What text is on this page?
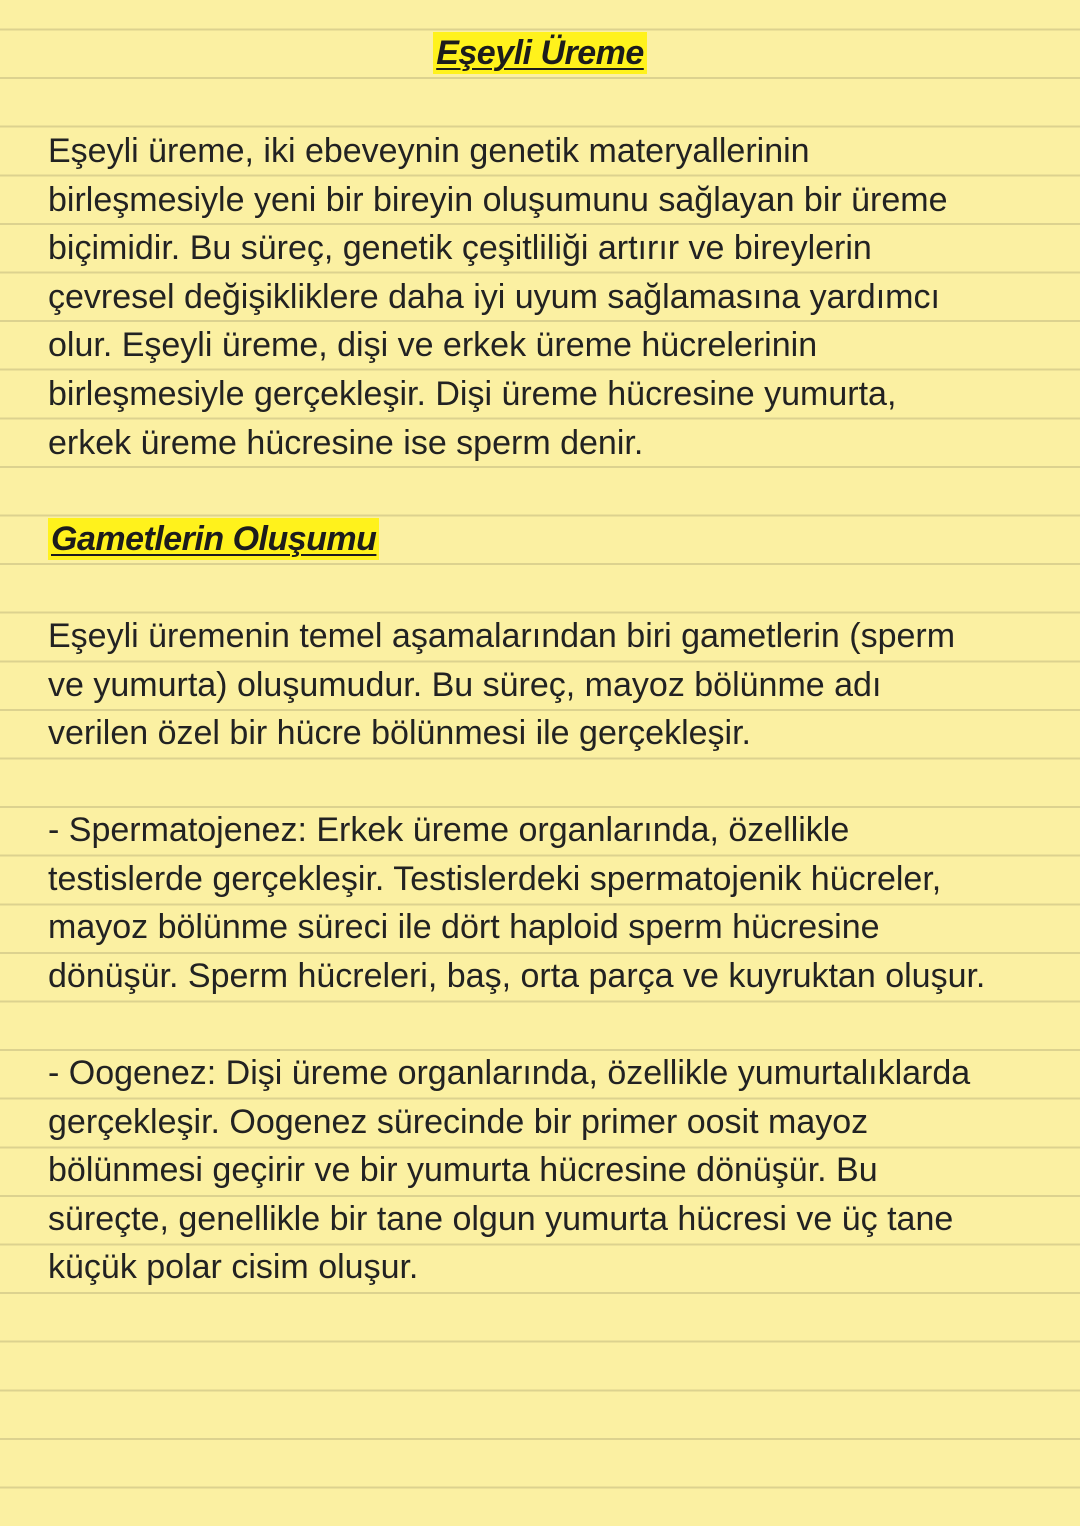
Eşeyli Üreme

Eşeyli üreme, iki ebeveynin genetik materyallerinin
birleşmesiyle yeni bir bireyin oluşumunu sağlayan bir üreme
biçimidir. Bu süreç, genetik çeşitliliği artırır ve bireylerin
çevresel değişikliklere daha iyi uyum sağlamasına yardımcı
olur. Eşeyli üreme, dişi ve erkek üreme hücrelerinin
birleşmesiyle gerçekleşir. Dişi üreme hücresine yumurta,
erkek üreme hücresine ise sperm denir.

Gametlerin Oluşumu

Eşeyli üremenin temel aşamalarından biri gametlerin (sperm
ve yumurta) oluşumudur. Bu süreç, mayoz bölünme adı
verilen özel bir hücre bölünmesi ile gerçekleşir.

- Spermatojenez: Erkek üreme organlarında, özellikle
testislerde gerçekleşir. Testislerdeki spermatojenik hücreler,
mayoz bölünme süreci ile dört haploid sperm hücresine
dönüşür. Sperm hücreleri, baş, orta parça ve kuyruktan oluşur.

- Oogenez: Dişi üreme organlarında, özellikle yumurtalıklarda
gerçekleşir. Oogenez sürecinde bir primer oosit mayoz
bölünmesi geçirir ve bir yumurta hücresine dönüşür. Bu
süreçte, genellikle bir tane olgun yumurta hücresi ve üç tane
küçük polar cisim oluşur.
